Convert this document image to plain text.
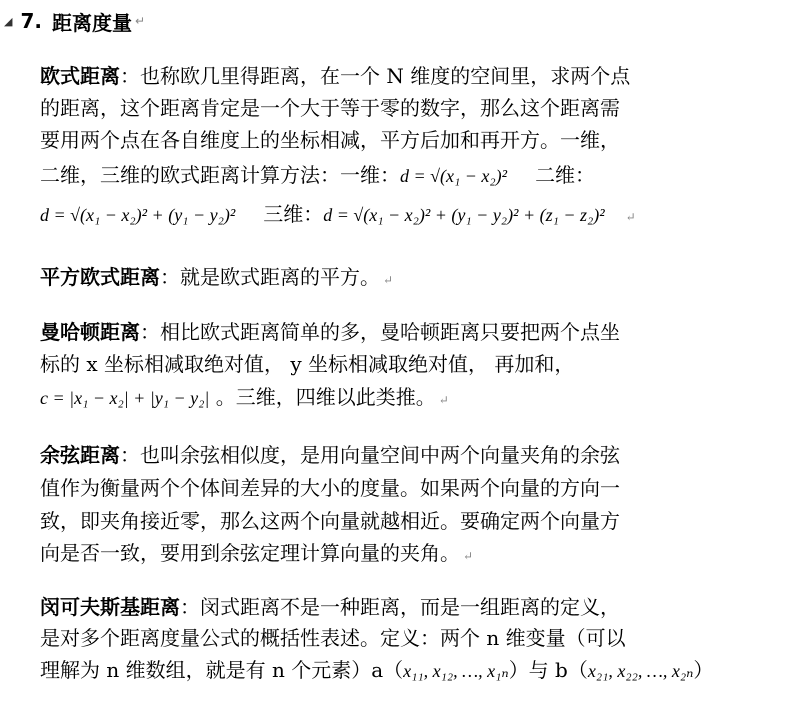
◢ 7. 距离度量 ↵
欧式距离：也称欧几里得距离，在一个 N 维度的空间里，求两个点
的距离，这个距离肯定是一个大于等于零的数字，那么这个距离需
要用两个点在各自维度上的坐标相减，平方后加和再开方。一维，
二维，三维的欧式距离计算方法：一维：d = √(x₁ − x₂)² 二维：
d = √(x₁ − x₂)² + (y₁ − y₂)² 三维：d = √(x₁ − x₂)² + (y₁ − y₂)² + (z₁ − z₂)² ↵
平方欧式距离：就是欧式距离的平方。 ↵
曼哈顿距离：相比欧式距离简单的多，曼哈顿距离只要把两个点坐
标的 x 坐标相减取绝对值， y 坐标相减取绝对值， 再加和，
c = |x₁ − x₂| + |y₁ − y₂| 。三维，四维以此类推。 ↵
余弦距离：也叫余弦相似度，是用向量空间中两个向量夹角的余弦
值作为衡量两个个体间差异的大小的度量。如果两个向量的方向一
致，即夹角接近零，那么这两个向量就越相近。要确定两个向量方
向是否一致，要用到余弦定理计算向量的夹角。 ↵
闵可夫斯基距离：闵式距离不是一种距离，而是一组距离的定义，
是对多个距离度量公式的概括性表述。定义：两个 n 维变量（可以
理解为 n 维数组，就是有 n 个元素）a（x₁₁, x₁₂, …, x₁ₙ）与 b（x₂₁, x₂₂, …, x₂ₙ）
